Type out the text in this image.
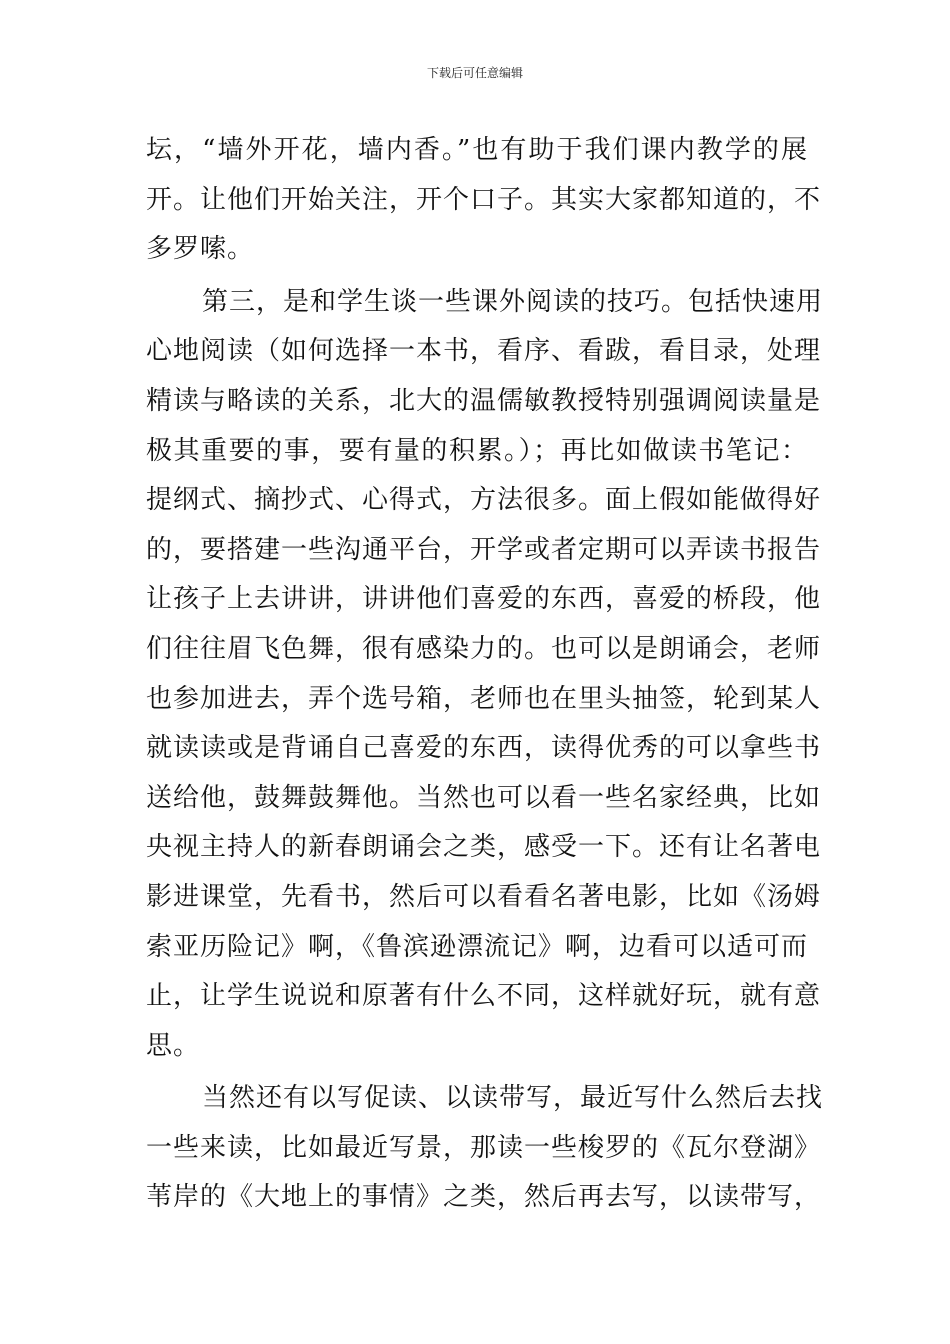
下载后可任意编辑
坛，“墙外开花，墙内香。”也有助于我们课内教学的展
开。让他们开始关注，开个口子。其实大家都知道的，不
多罗嗦。
第三，是和学生谈一些课外阅读的技巧。包括快速用
心地阅读（如何选择一本书，看序、看跋，看目录，处理
精读与略读的关系，北大的温儒敏教授特别强调阅读量是
极其重要的事，要有量的积累。）；再比如做读书笔记：
提纲式、摘抄式、心得式，方法很多。面上假如能做得好
的，要搭建一些沟通平台，开学或者定期可以弄读书报告
让孩子上去讲讲，讲讲他们喜爱的东西，喜爱的桥段，他
们往往眉飞色舞，很有感染力的。也可以是朗诵会，老师
也参加进去，弄个选号箱，老师也在里头抽签，轮到某人
就读读或是背诵自己喜爱的东西，读得优秀的可以拿些书
送给他，鼓舞鼓舞他。当然也可以看一些名家经典，比如
央视主持人的新春朗诵会之类，感受一下。还有让名著电
影进课堂，先看书，然后可以看看名著电影，比如《汤姆
索亚历险记》啊，《鲁滨逊漂流记》啊，边看可以适可而
止，让学生说说和原著有什么不同，这样就好玩，就有意
思。
当然还有以写促读、以读带写，最近写什么然后去找
一些来读，比如最近写景，那读一些梭罗的《瓦尔登湖》
苇岸的《大地上的事情》之类，然后再去写，以读带写，
